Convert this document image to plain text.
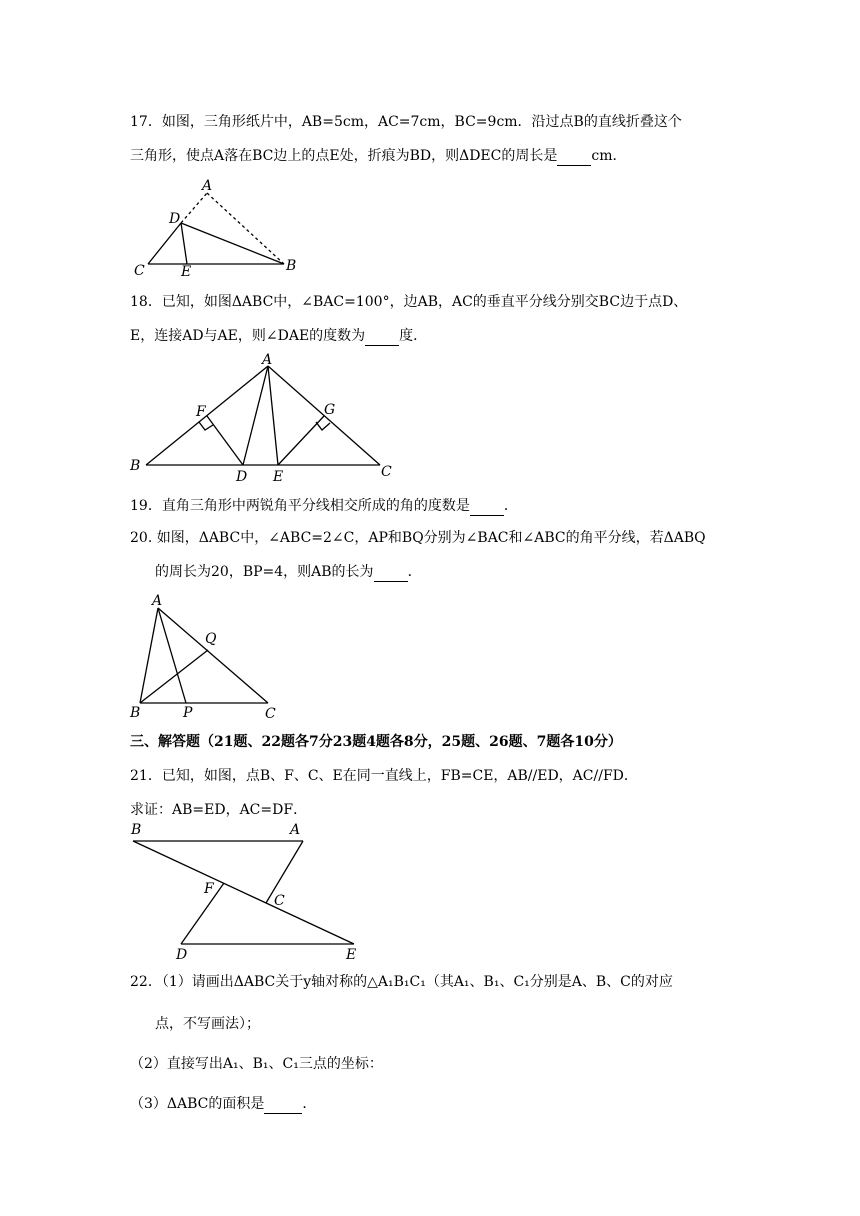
17．如图，三角形纸片中，AB=5cm，AC=7cm，BC=9cm．沿过点B的直线折叠这个
三角形，使点A落在BC边上的点E处，折痕为BD，则ΔDEC的周长是 cm．
A
D
C	E	B
18．已知，如图ΔABC中，∠BAC=100°，边AB，AC的垂直平分线分别交BC边于点D、
E，连接AD与AE，则∠DAE的度数为 度．
A
F	G
B
D E	C
19．直角三角形中两锐角平分线相交所成的角的度数是 ．
20. 如图，ΔABC中，∠ABC=2∠C，AP和BQ分别为∠BAC和∠ABC的角平分线，若ΔABQ
的周长为20，BP=4，则AB的长为 ．
A
Q
B	P	C
三、解答题（21题、22题各7分23题4题各8分，25题、26题、7题各10分）
21．已知，如图，点B、F、C、E在同一直线上，FB=CE，AB//ED，AC//FD．
求证：AB=ED，AC=DF．
B	A
F
C
D	E
22．（1）请画出ΔABC关于y轴对称的△A₁B₁C₁（其A₁、B₁、C₁分别是A、B、C的对应
点，不写画法）；
（2）直接写出A₁、B₁、C₁三点的坐标：
（3）ΔABC的面积是	．
